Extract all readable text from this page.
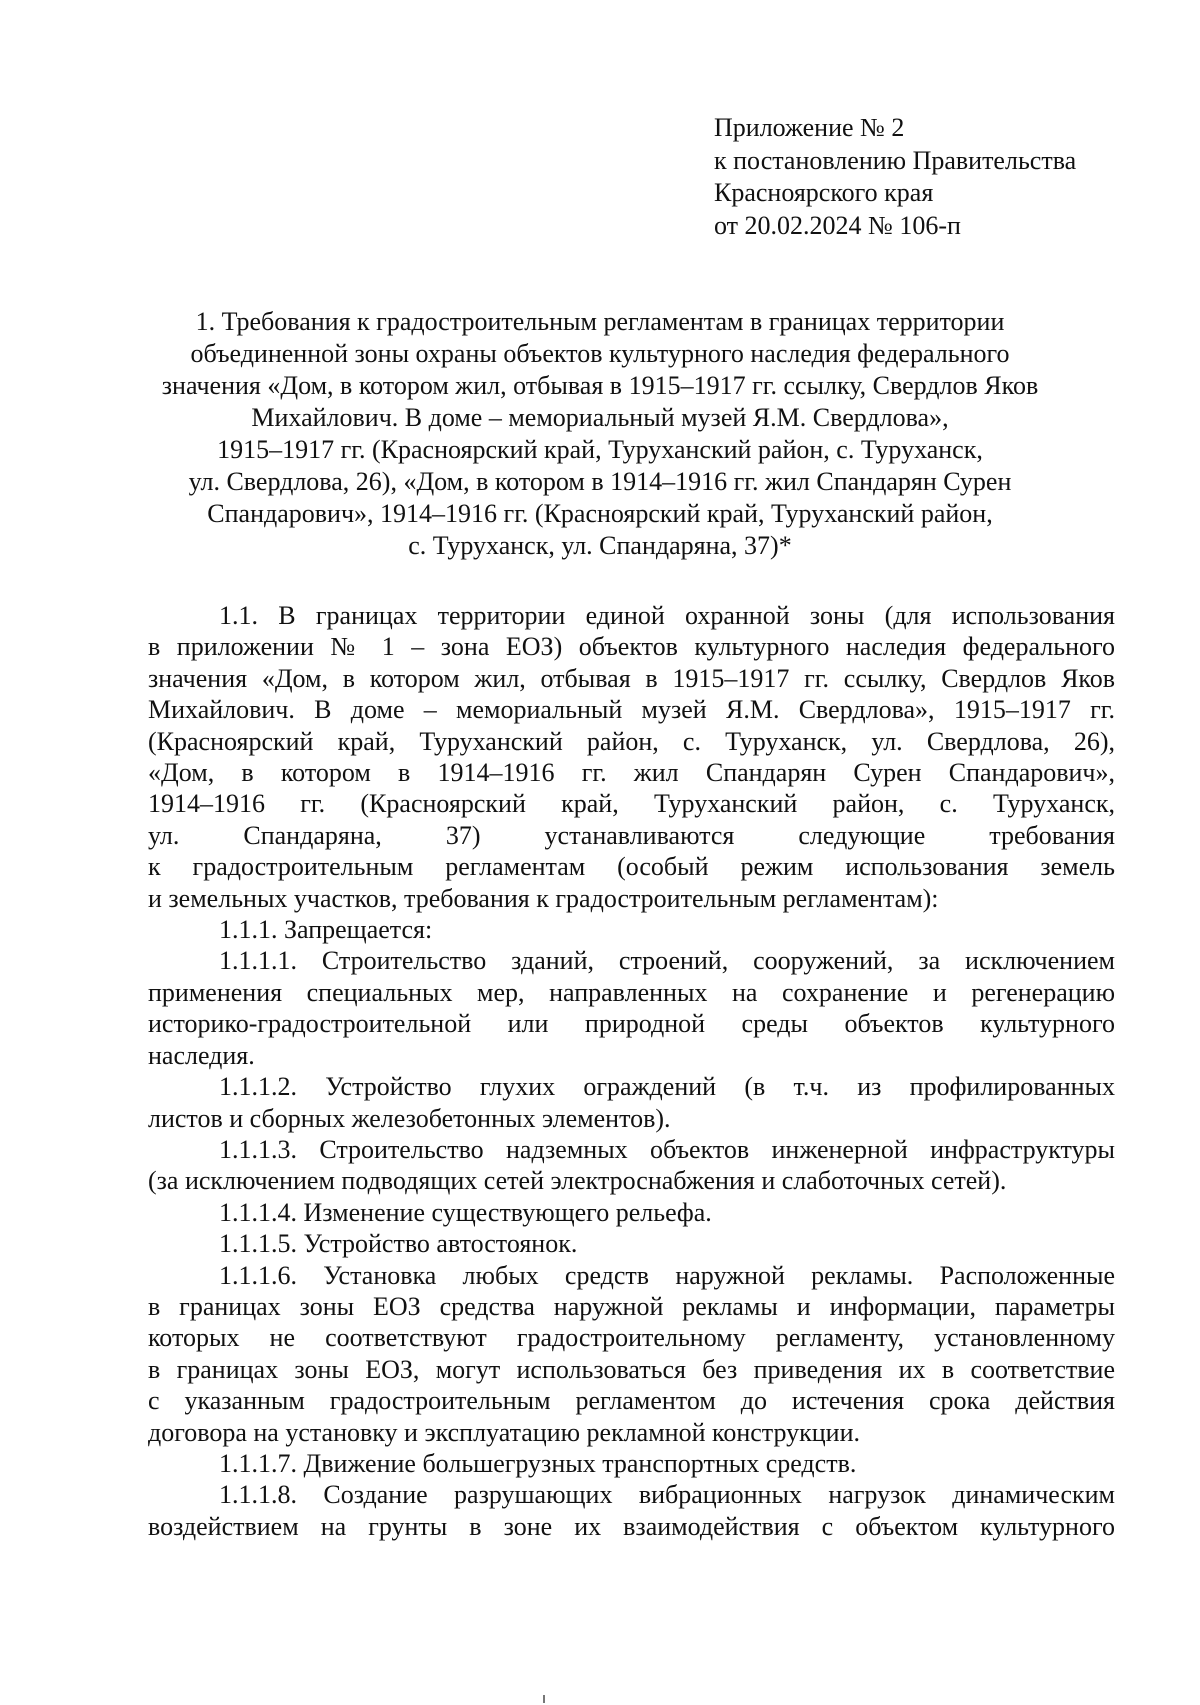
Приложение № 2
к постановлению Правительства
Красноярского края
от 20.02.2024 № 106-п
1. Требования к градостроительным регламентам в границах территории
объединенной зоны охраны объектов культурного наследия федерального
значения «Дом, в котором жил, отбывая в 1915–1917 гг. ссылку, Свердлов Яков
Михайлович. В доме – мемориальный музей Я.М. Свердлова»,
1915–1917 гг. (Красноярский край, Туруханский район, с. Туруханск,
ул. Свердлова, 26), «Дом, в котором в 1914–1916 гг. жил Спандарян Сурен
Спандарович», 1914–1916 гг. (Красноярский край, Туруханский район,
с. Туруханск, ул. Спандаряна, 37)*
1.1. В границах территории единой охранной зоны (для использования
в приложении № 1 – зона ЕОЗ) объектов культурного наследия федерального
значения «Дом, в котором жил, отбывая в 1915–1917 гг. ссылку, Свердлов Яков
Михайлович. В доме – мемориальный музей Я.М. Свердлова», 1915–1917 гг.
(Красноярский край, Туруханский район, с. Туруханск, ул. Свердлова, 26),
«Дом, в котором в 1914–1916 гг. жил Спандарян Сурен Спандарович»,
1914–1916 гг. (Красноярский край, Туруханский район, с. Туруханск,
ул. Спандаряна, 37) устанавливаются следующие требования
к градостроительным регламентам (особый режим использования земель
и земельных участков, требования к градостроительным регламентам):
1.1.1. Запрещается:
1.1.1.1. Строительство зданий, строений, сооружений, за исключением
применения специальных мер, направленных на сохранение и регенерацию
историко-градостроительной или природной среды объектов культурного
наследия.
1.1.1.2. Устройство глухих ограждений (в т.ч. из профилированных
листов и сборных железобетонных элементов).
1.1.1.3. Строительство надземных объектов инженерной инфраструктуры
(за исключением подводящих сетей электроснабжения и слаботочных сетей).
1.1.1.4. Изменение существующего рельефа.
1.1.1.5. Устройство автостоянок.
1.1.1.6. Установка любых средств наружной рекламы. Расположенные
в границах зоны ЕОЗ средства наружной рекламы и информации, параметры
которых не соответствуют градостроительному регламенту, установленному
в границах зоны ЕОЗ, могут использоваться без приведения их в соответствие
с указанным градостроительным регламентом до истечения срока действия
договора на установку и эксплуатацию рекламной конструкции.
1.1.1.7. Движение большегрузных транспортных средств.
1.1.1.8. Создание разрушающих вибрационных нагрузок динамическим
воздействием на грунты в зоне их взаимодействия с объектом культурного
